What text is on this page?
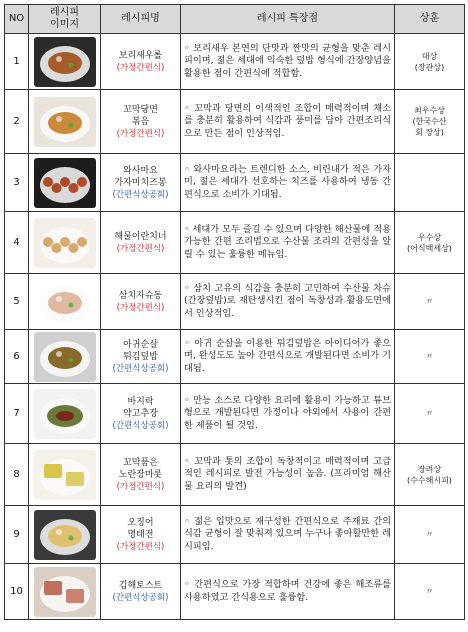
NO	레시피
이미지	레시피명	레시피 특장점	상훈
1		보리새우롤
(가정간편식)	◦ 보리새우 본연의 단맛과 짠맛의 균형을 맞춘 레시피이며, 젊은 세대에 익숙한 덮밥 형식에 간장양념을 활용한 점이 간편식에 적합함.	대상
(장관상)
2		꼬막당면
볶음
(가정간편식)	◦ 꼬막과 당면의 이색적인 조합이 매력적이며 채소를 충분히 활용하여 식감과 풍미를 담아 간편조리식으로 만든 점이 인상적임.	최우수상
(한국수산
회 장상)
3		와사마요
가자미치즈봉
(간편식상공회)	◦ 와사마요라는 트렌디한 소스, 비린내가 적은 가자미, 젊은 세대가 선호하는 치즈를 사용하여 냉동 간편식으로 소비가 기대됨.	
4		해물이란치너
(가정간편식)	◦ 세대가 모두 즐길 수 있으며 다양한 해산물에 적용 가능한 간편 조리법으로 수산물 조리의 간편성을 알릴 수 있는 훌륭한 메뉴임.	우수상
(어식백세상)
5		삼치자슈동
(가정간편식)	◦ 삼치 고유의 식감을 충분히 고민하여 수산물 차슈(간장덮밥)로 재탄생시킨 점이 독창성과 활용도면에서 인상적임.	〃
6		아귀순살
튀김덮밥
(간편식상공회)	◦ 아귀 순살을 이용한 튀김덮밥은 아이디어가 좋으며, 완성도도 높아 간편식으로 개발된다면 소비가 기대됨.	〃
7		바지락
약고추장
(간편식상공회)	◦ 만능 소스로 다양한 요리에 활용이 가능하고 튜브형으로 개발된다면 가정이나 야외에서 사용이 간편한 제품이 될 것임.	〃
8		꼬막품은
노란장마롯
(가정간편식)	◦ 꼬막과 톳의 조합이 독창적이고 매력적이며 고급적인 레시피로 발전 가능성이 높음. (프리미엄 해산물 요리의 발견)	장려상
(수수해시피)
9		오징어
명태전
(가정간편식)	◦ 젊은 입맛으로 재구성한 간편식으로 주재료 간의 식감 균형이 잘 맞춰져 있으며 누구나 좋아할만한 레시피임.	〃
10		김해토스트
(간편식상공회)	◦ 간편식으로 가장 적합하며 건강에 좋은 해조류를 사용하였고 간식용으로 훌륭함.	〃
